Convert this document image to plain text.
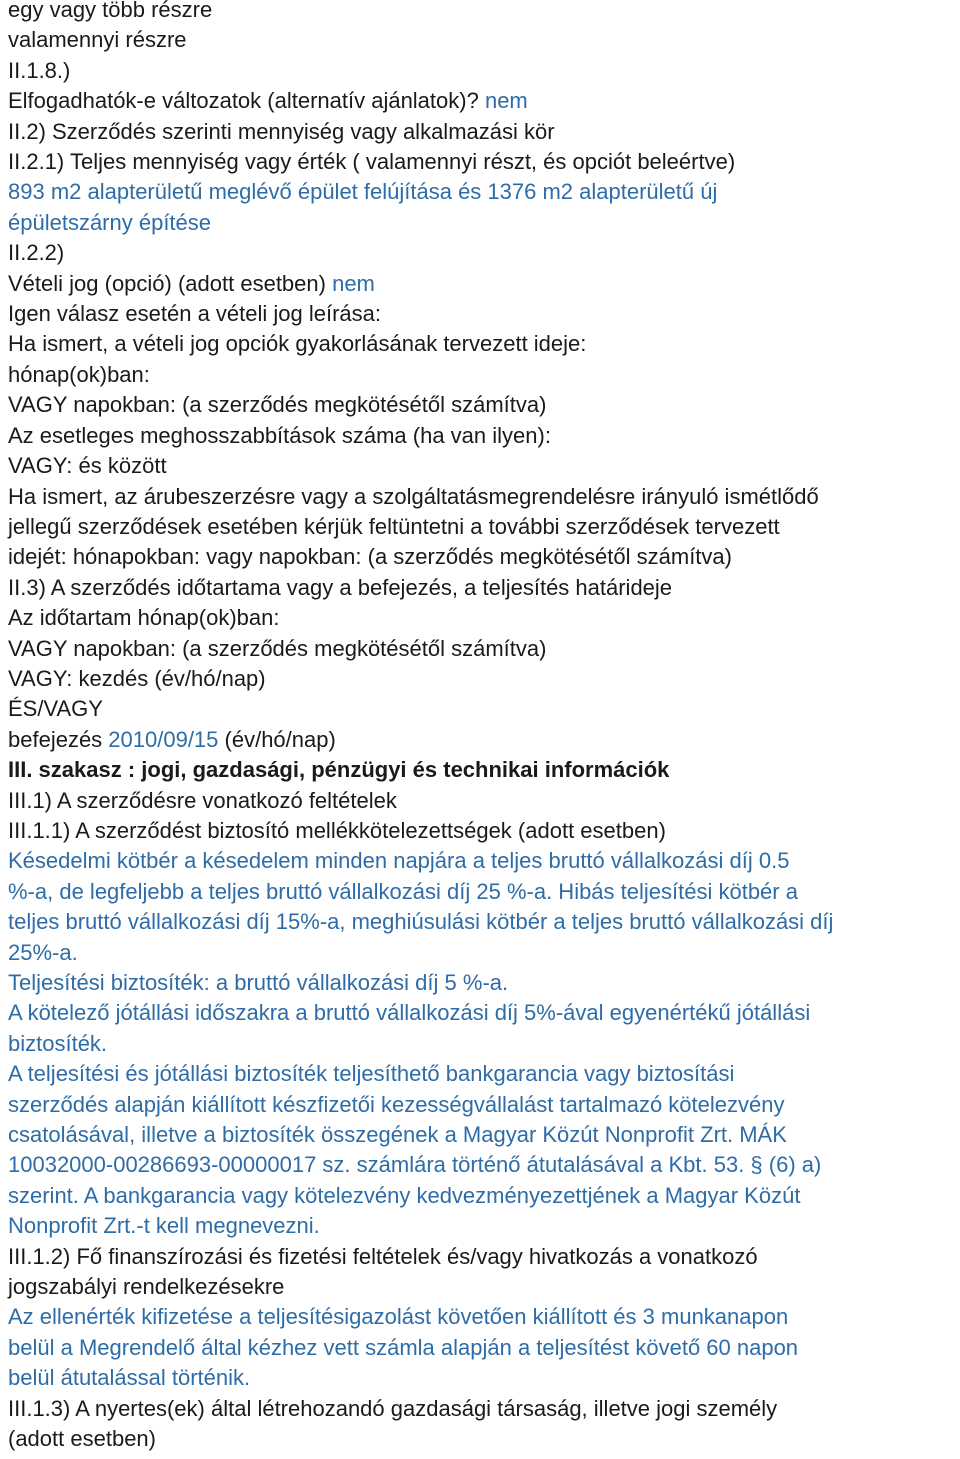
egy vagy több részre

valamennyi részre

II.1.8.)

Elfogadhatók-e változatok (alternatív ajánlatok)? nem

II.2) Szerződés szerinti mennyiség vagy alkalmazási kör

II.2.1) Teljes mennyiség vagy érték ( valamennyi részt, és opciót beleértve)

893 m2 alapterületű meglévő épület felújítása és 1376 m2 alapterületű új

épületszárny építése

II.2.2)

Vételi jog (opció) (adott esetben) nem

Igen válasz esetén a vételi jog leírása:

Ha ismert, a vételi jog opciók gyakorlásának tervezett ideje:

hónap(ok)ban:

VAGY napokban: (a szerződés megkötésétől számítva)

Az esetleges meghosszabbítások száma (ha van ilyen):

VAGY: és között

Ha ismert, az árubeszerzésre vagy a szolgáltatásmegrendelésre irányuló ismétlődő

jellegű szerződések esetében kérjük feltüntetni a további szerződések tervezett

idejét: hónapokban: vagy napokban: (a szerződés megkötésétől számítva)

II.3) A szerződés időtartama vagy a befejezés, a teljesítés határideje

Az időtartam hónap(ok)ban:

VAGY napokban: (a szerződés megkötésétől számítva)

VAGY: kezdés (év/hó/nap)

ÉS/VAGY

befejezés 2010/09/15 (év/hó/nap)

III. szakasz : jogi, gazdasági, pénzügyi és technikai információk

III.1) A szerződésre vonatkozó feltételek

III.1.1) A szerződést biztosító mellékkötelezettségek (adott esetben)

Késedelmi kötbér a késedelem minden napjára a teljes bruttó vállalkozási díj 0.5

%-a, de legfeljebb a teljes bruttó vállalkozási díj 25 %-a. Hibás teljesítési kötbér a

teljes bruttó vállalkozási díj 15%-a, meghiúsulási kötbér a teljes bruttó vállalkozási díj

25%-a.

Teljesítési biztosíték: a bruttó vállalkozási díj 5 %-a.

A kötelező jótállási időszakra a bruttó vállalkozási díj 5%-ával egyenértékű jótállási

biztosíték.

A teljesítési és jótállási biztosíték teljesíthető bankgarancia vagy biztosítási

szerződés alapján kiállított készfizetői kezességvállalást tartalmazó kötelezvény

csatolásával, illetve a biztosíték összegének a Magyar Közút Nonprofit Zrt. MÁK

10032000-00286693-00000017 sz. számlára történő átutalásával a Kbt. 53. § (6) a)

szerint. A bankgarancia vagy kötelezvény kedvezményezettjének a Magyar Közút

Nonprofit Zrt.-t kell megnevezni.

III.1.2) Fő finanszírozási és fizetési feltételek és/vagy hivatkozás a vonatkozó

jogszabályi rendelkezésekre

Az ellenérték kifizetése a teljesítésigazolást követően kiállított és 3 munkanapon

belül a Megrendelő által kézhez vett számla alapján a teljesítést követő 60 napon

belül átutalással történik.

III.1.3) A nyertes(ek) által létrehozandó gazdasági társaság, illetve jogi személy

(adott esetben)
